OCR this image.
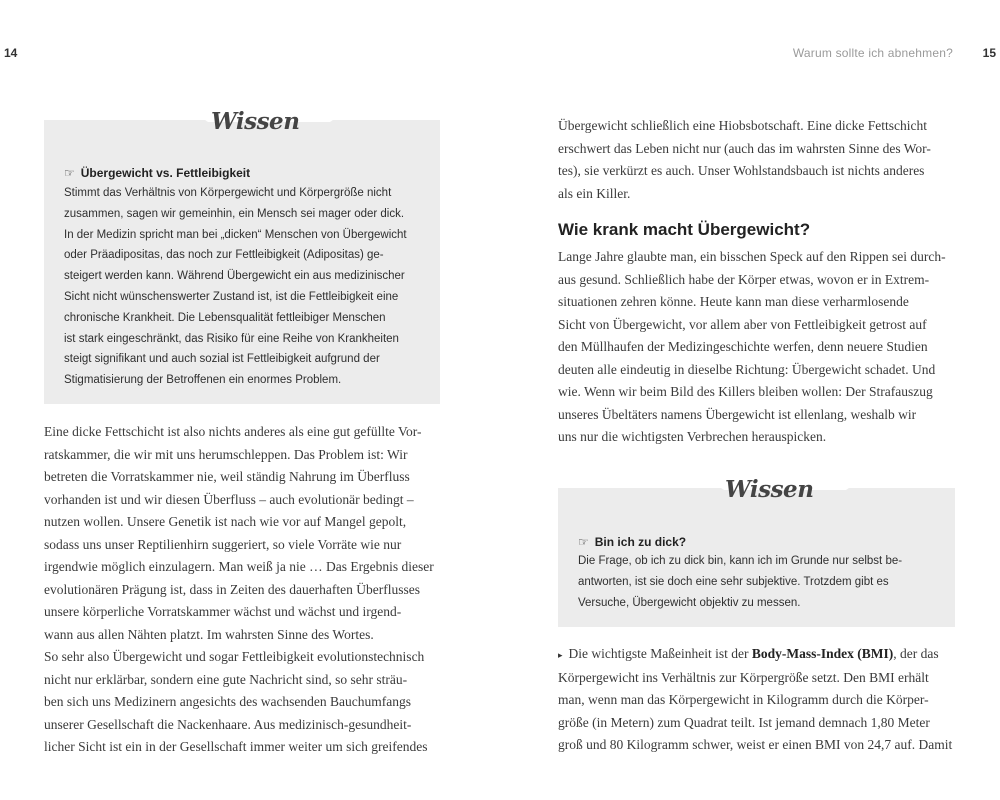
14	Warum sollte ich abnehmen? 15
Wissen
☞ Übergewicht vs. Fettleibigkeit
Stimmt das Verhältnis von Körpergewicht und Körpergröße nicht
zusammen, sagen wir gemeinhin, ein Mensch sei mager oder dick.
In der Medizin spricht man bei „dicken“ Menschen von Übergewicht
oder Präadipositas, das noch zur Fettleibigkeit (Adipositas) ge-
steigert werden kann. Während Übergewicht ein aus medizinischer
Sicht nicht wünschenswerter Zustand ist, ist die Fettleibigkeit eine
chronische Krankheit. Die Lebensqualität fettleibiger Menschen
ist stark eingeschränkt, das Risiko für eine Reihe von Krankheiten
steigt signifikant und auch sozial ist Fettleibigkeit aufgrund der
Stigmatisierung der Betroffenen ein enormes Problem.
Eine dicke Fettschicht ist also nichts anderes als eine gut gefüllte Vor-
ratskammer, die wir mit uns herumschleppen. Das Problem ist: Wir
betreten die Vorratskammer nie, weil ständig Nahrung im Überfluss
vorhanden ist und wir diesen Überfluss – auch evolutionär bedingt –
nutzen wollen. Unsere Genetik ist nach wie vor auf Mangel gepolt,
sodass uns unser Reptilienhirn suggeriert, so viele Vorräte wie nur
irgendwie möglich einzulagern. Man weiß ja nie … Das Ergebnis dieser
evolutionären Prägung ist, dass in Zeiten des dauerhaften Überflusses
unsere körperliche Vorratskammer wächst und wächst und irgend-
wann aus allen Nähten platzt. Im wahrsten Sinne des Wortes.
So sehr also Übergewicht und sogar Fettleibigkeit evolutionstechnisch
nicht nur erklärbar, sondern eine gute Nachricht sind, so sehr sträu-
ben sich uns Medizinern angesichts des wachsenden Bauchumfangs
unserer Gesellschaft die Nackenhaare. Aus medizinisch-gesundheit-
licher Sicht ist ein in der Gesellschaft immer weiter um sich greifendes
Übergewicht schließlich eine Hiobsbotschaft. Eine dicke Fettschicht
erschwert das Leben nicht nur (auch das im wahrsten Sinne des Wor-
tes), sie verkürzt es auch. Unser Wohlstandsbauch ist nichts anderes
als ein Killer.
Wie krank macht Übergewicht?
Lange Jahre glaubte man, ein bisschen Speck auf den Rippen sei durch-
aus gesund. Schließlich habe der Körper etwas, wovon er in Extrem-
situationen zehren könne. Heute kann man diese verharmlosende
Sicht von Übergewicht, vor allem aber von Fettleibigkeit getrost auf
den Müllhaufen der Medizingeschichte werfen, denn neuere Studien
deuten alle eindeutig in dieselbe Richtung: Übergewicht schadet. Und
wie. Wenn wir beim Bild des Killers bleiben wollen: Der Strafauszug
unseres Übeltäters namens Übergewicht ist ellenlang, weshalb wir
uns nur die wichtigsten Verbrechen herauspicken.
Wissen
☞ Bin ich zu dick?
Die Frage, ob ich zu dick bin, kann ich im Grunde nur selbst be-
antworten, ist sie doch eine sehr subjektive. Trotzdem gibt es
Versuche, Übergewicht objektiv zu messen.
▸ Die wichtigste Maßeinheit ist der Body-Mass-Index (BMI), der das
Körpergewicht ins Verhältnis zur Körpergröße setzt. Den BMI erhält
man, wenn man das Körpergewicht in Kilogramm durch die Körper-
größe (in Metern) zum Quadrat teilt. Ist jemand demnach 1,80 Meter
groß und 80 Kilogramm schwer, weist er einen BMI von 24,7 auf. Damit
